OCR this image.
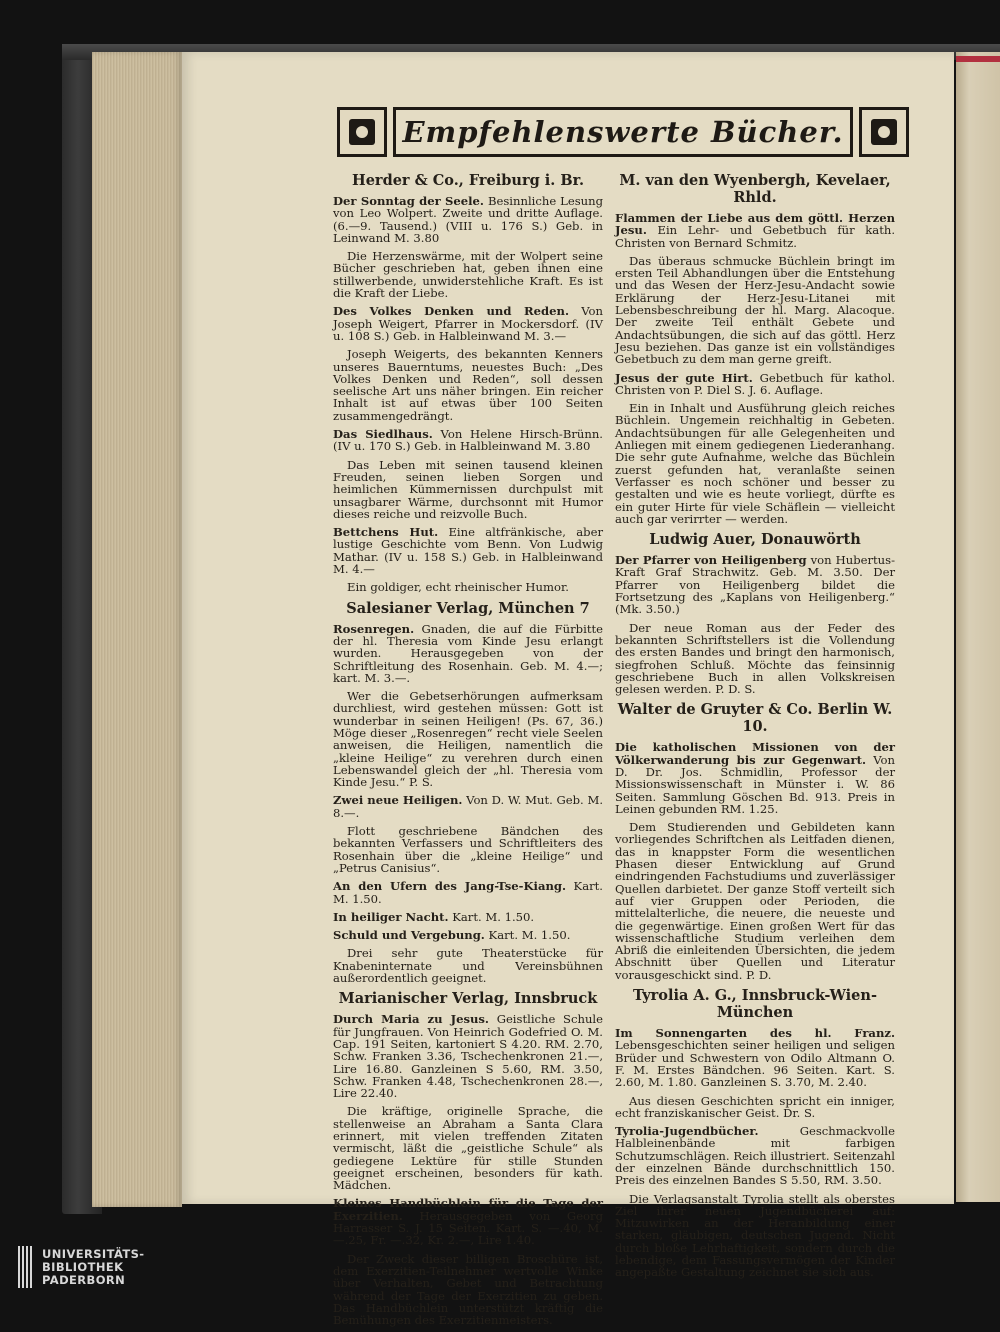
Empfehlenswerte Bücher.
Herder & Co., Freiburg i. Br.
Der Sonntag der Seele. Besinnliche Lesung von Leo Wolpert. Zweite und dritte Auflage. (6.—9. Tausend.) (VIII u. 176 S.) Geb. in Leinwand M. 3.80
Die Herzenswärme, mit der Wolpert seine Bücher geschrieben hat, geben ihnen eine stillwerbende, unwiderstehliche Kraft. Es ist die Kraft der Liebe.
Des Volkes Denken und Reden. Von Joseph Weigert, Pfarrer in Mockersdorf. (IV u. 108 S.) Geb. in Halbleinwand M. 3.—
Joseph Weigerts, des bekannten Kenners unseres Bauerntums, neuestes Buch: „Des Volkes Denken und Reden“, soll dessen seelische Art uns näher bringen. Ein reicher Inhalt ist auf etwas über 100 Seiten zusammengedrängt.
Das Siedlhaus. Von Helene Hirsch-Brünn. (IV u. 170 S.) Geb. in Halbleinwand M. 3.80
Das Leben mit seinen tausend kleinen Freuden, seinen lieben Sorgen und heimlichen Kümmernissen durchpulst mit unsagbarer Wärme, durchsonnt mit Humor dieses reiche und reizvolle Buch.
Bettchens Hut. Eine altfränkische, aber lustige Geschichte vom Benn. Von Ludwig Mathar. (IV u. 158 S.) Geb. in Halbleinwand M. 4.—
Ein goldiger, echt rheinischer Humor.
Salesianer Verlag, München 7
Rosenregen. Gnaden, die auf die Fürbitte der hl. Theresia vom Kinde Jesu erlangt wurden. Herausgegeben von der Schriftleitung des Rosenhain. Geb. M. 4.—; kart. M. 3.—.
Wer die Gebetserhörungen aufmerksam durchliest, wird gestehen müssen: Gott ist wunderbar in seinen Heiligen! (Ps. 67, 36.) Möge dieser „Rosenregen“ recht viele Seelen anweisen, die Heiligen, namentlich die „kleine Heilige“ zu verehren durch einen Lebenswandel gleich der „hl. Theresia vom Kinde Jesu.“ P. S.
Zwei neue Heiligen. Von D. W. Mut. Geb. M. 8.—.
Flott geschriebene Bändchen des bekannten Verfassers und Schriftleiters des Rosenhain über die „kleine Heilige“ und „Petrus Canisius“.
An den Ufern des Jang-Tse-Kiang. Kart. M. 1.50.
In heiliger Nacht. Kart. M. 1.50.
Schuld und Vergebung. Kart. M. 1.50.
Drei sehr gute Theaterstücke für Knabeninternate und Vereinsbühnen außerordentlich geeignet.
Marianischer Verlag, Innsbruck
Durch Maria zu Jesus. Geistliche Schule für Jungfrauen. Von Heinrich Godefried O. M. Cap. 191 Seiten, kartoniert S 4.20. RM. 2.70, Schw. Franken 3.36, Tschechenkronen 21.—, Lire 16.80. Ganzleinen S 5.60, RM. 3.50, Schw. Franken 4.48, Tschechenkronen 28.—, Lire 22.40.
Die kräftige, originelle Sprache, die stellenweise an Abraham a Santa Clara erinnert, mit vielen treffenden Zitaten vermischt, läßt die „geistliche Schule“ als gediegene Lektüre für stille Stunden geeignet erscheinen, besonders für kath. Mädchen.
Kleines Handbüchlein für die Tage der Exerzitien. Herausgegeben von Georg Harrasser S. J. 15 Seiten. Kart. S. —.40, M. —.25, Fr. —.32, Kr. 2.—, Lire 1.40.
Der Zweck dieser billigen Broschüre ist, dem Exerzitien-Teilnehmer wertvolle Winke über Verhalten, Gebet und Betrachtung während der Tage der Exerzitien zu geben. Das Handbüchlein unterstützt kräftig die Bemühungen des Exerzitienmeisters.
M. van den Wyenbergh, Kevelaer, Rhld.
Flammen der Liebe aus dem göttl. Herzen Jesu. Ein Lehr- und Gebetbuch für kath. Christen von Bernard Schmitz.
Das überaus schmucke Büchlein bringt im ersten Teil Abhandlungen über die Entstehung und das Wesen der Herz-Jesu-Andacht sowie Erklärung der Herz-Jesu-Litanei mit Lebensbeschreibung der hl. Marg. Alacoque. Der zweite Teil enthält Gebete und Andachtsübungen, die sich auf das göttl. Herz Jesu beziehen. Das ganze ist ein vollständiges Gebetbuch zu dem man gerne greift.
Jesus der gute Hirt. Gebetbuch für kathol. Christen von P. Diel S. J. 6. Auflage.
Ein in Inhalt und Ausführung gleich reiches Büchlein. Ungemein reichhaltig in Gebeten. Andachtsübungen für alle Gelegenheiten und Anliegen mit einem gediegenen Liederanhang. Die sehr gute Aufnahme, welche das Büchlein zuerst gefunden hat, veranlaßte seinen Verfasser es noch schöner und besser zu gestalten und wie es heute vorliegt, dürfte es ein guter Hirte für viele Schäflein — vielleicht auch gar verirrter — werden.
Ludwig Auer, Donauwörth
Der Pfarrer von Heiligenberg von Hubertus-Kraft Graf Strachwitz. Geb. M. 3.50. Der Pfarrer von Heiligenberg bildet die Fortsetzung des „Kaplans von Heiligenberg.“ (Mk. 3.50.)
Der neue Roman aus der Feder des bekannten Schriftstellers ist die Vollendung des ersten Bandes und bringt den harmonisch, siegfrohen Schluß. Möchte das feinsinnig geschriebene Buch in allen Volkskreisen gelesen werden. P. D. S.
Walter de Gruyter & Co. Berlin W. 10.
Die katholischen Missionen von der Völkerwanderung bis zur Gegenwart. Von D. Dr. Jos. Schmidlin, Professor der Missionswissenschaft in Münster i. W. 86 Seiten. Sammlung Göschen Bd. 913. Preis in Leinen gebunden RM. 1.25.
Dem Studierenden und Gebildeten kann vorliegendes Schriftchen als Leitfaden dienen, das in knappster Form die wesentlichen Phasen dieser Entwicklung auf Grund eindringenden Fachstudiums und zuverlässiger Quellen darbietet. Der ganze Stoff verteilt sich auf vier Gruppen oder Perioden, die mittelalterliche, die neuere, die neueste und die gegenwärtige. Einen großen Wert für das wissenschaftliche Studium verleihen dem Abriß die einleitenden Übersichten, die jedem Abschnitt über Quellen und Literatur vorausgeschickt sind. P. D.
Tyrolia A. G., Innsbruck-Wien-München
Im Sonnengarten des hl. Franz. Lebensgeschichten seiner heiligen und seligen Brüder und Schwestern von Odilo Altmann O. F. M. Erstes Bändchen. 96 Seiten. Kart. S. 2.60, M. 1.80. Ganzleinen S. 3.70, M. 2.40.
Aus diesen Geschichten spricht ein inniger, echt franziskanischer Geist. Dr. S.
Tyrolia-Jugendbücher.	Geschmackvolle Halbleinenbände mit farbigen Schutzumschlägen. Reich illustriert. Seitenzahl der einzelnen Bände durchschnittlich 150. Preis des einzelnen Bandes S 5.50, RM. 3.50.
Die Verlagsanstalt Tyrolia stellt als oberstes Ziel ihrer neuen Jugendbücherei auf: Mitzuwirken an der Heranbildung einer starken, gläubigen, deutschen Jugend. Nicht durch bloße Lehrhaftigkeit, sondern durch die lebendige, dem Fassungsvermögen der Kinder angepaßte Gestaltung zeichnet sie sich aus.
UNIVERSITÄTS-
BIBLIOTHEK
PADERBORN
